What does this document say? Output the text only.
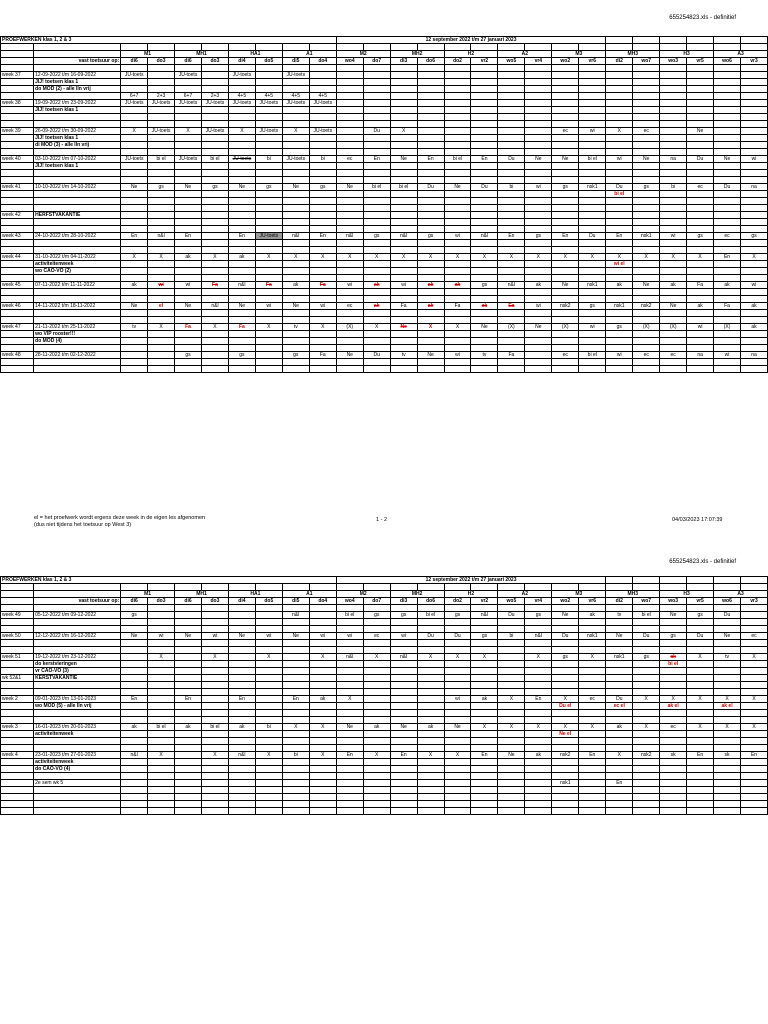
655254823.xls - definitief
PROEFWERKEN klas 1, 2 & 3										12 september 2022 t/m 27 januari 2023															

		M1		MH1		HA1		A1		M2		MH2		H2		A2		M3		MH3		H3		A3	
	vast toetsuur op:	di6	do3	di6	do3	di4	do5	di5	do4	wo4	do7	di3	do6	do2	vr2	wo5	vr4	wo2	vr6	di2	wo7	wo3	vr5	wo6	vr3

week 37	12-09-2022 t/m 16-09-2022	JU-toets		JU-toets		JU-toets		JU-toets																	
	JIJ! toetsen klas 1																								
	do MOD (2) - alle lln vrij																								
		6+7	2+3	6+7	2+3	4+5	4+5	4+5	4+5																
week 38	19-09-2022 t/m 23-09-2022	JU-toets	JU-toets	JU-toets	JU-toets	JU-toets	JU-toets	JU-toets	JU-toets																
	JIJ! toetsen klas 1																								

week 39	26-09-2022 t/m 30-09-2022	X	JU-toets	X	JU-toets	X	JU-toets	X	JU-toets		Du	X						ec	wi	X	ec		Ne		
	JIJ! toetsen klas 1																								
	di MOD (3) - alle lln vrij																								

week 40	03-10-2022 t/m 07-10-2022	JU-toets	bi el	JU-toets	bi el	JU-toets	bi	JU-toets	bi	ec	En	Ne	En	bi el	En	Du	Ne	Ne	bi el	wi	Ne	na	Du	Ne	wi
	JIJ! toetsen klas 1																								

week 41	10-10-2022 t/m 14-10-2022	Ne	gs	Ne	gs	Ne	gs	Ne	gs	Ne	bi el	bi el	Du	Ne	Du	bi	wi	gs	nsk1	Du	gs	bi	ec	Du	na
																				bi el					

week 42	HERFSTVAKANTIE																								

week 43	24-10-2022 t/m 28-10-2022	En	n&l	En		En	JU-toets	n&l	En	n&l	gs	n&l	gs	wi	n&l	En	gs	En	Du	En	nsk1	wi	gs	ec	gs

week 44	31-10-2022 t/m 04-11-2022	X	X	ak	X	ak	X	X	X	X	X	X	X	X	X	X	X	X	X	X	X	X	X	En	X
	activiteitenweek																			wi el					
	wo CAO-VO (2)																								

week 45	07-11-2022 t/m 11-11-2022	ak	wi	wi	Fa	n&l	Fa	ak	Fa	wi	ak	wi	ak	ak	gs	n&l	ak	Ne	nsk1	ak	Ne	ak	Fa	ak	wi

week 46	14-11-2022 t/m 18-11-2022	Ne	el	Ne	n&l	Ne	wi	Ne	wi	ec	ak	Fa	ak	Fa	ak	Ea	wi	nsk2	gs	nsk1	nsk2	Ne	ak	Fa	ak

week 47	21-11-2022 t/m 25-11-2022	tv	X	Fa	X	Fa	X	tv	X	(X)	X	Ne	X	X	Ne	(X)	Ne	(X)	wi	gs	(X)	(X)	wi	(X)	ak
	wo VIP rooster!!!																								
	do MOD (4)																								

week 48	28-11-2022 t/m 02-12-2022			gs		gs		gs	Fa	Ne	Du	tv	Ne	wi	tv	Fa		ec	bi el	wi	ec	ec	na	wi	na

el = het proefwerk wordt ergens deze week in de eigen les afgenomen
(dus niet tijdens het toetsuur op West 3)
1 - 2	04/03/2023 17:07:39
655254823.xls - definitief
PROEFWERKEN klas 1, 2 & 3										12 september 2022 t/m 27 januari 2023															

		M1		MH1		HA1		A1		M2		MH2		H2		A2		M3		MH3		H3		A3	
	vast toetsuur op:	di6	do3	di6	do3	di4	do5	di5	do4	wo4	do7	di3	do6	do2	vr2	wo5	vr4	wo2	vr6	di2	wo7	wo3	vr5	wo6	vr3

week 49	05-12-2022 t/m 09-12-2022	gs						n&l		bi el	gs	gs	bi el	gs	n&l	Du	gs	Ne	ak	tv	bi el	Ne	gs	Du	

week 50	12-12-2022 t/m 16-12-2022	Ne	wi	Ne	wi	Ne	wi	Ne	wi	wi	ec	wi	Du	Du	gs	bi	n&l	Du	nsk1	Ne	Du	gs	Du	Ne	ec

week 51	19-12-2022 t/m 23-12-2022		X		X		X		X	n&l	X	n&l	X	X	X		X	gs	X	nsk1	gs	ak	X	tv	X
	do kerstvieringen																					bi el			
	vr CAO-VO (3)																								
wk 52&1	KERSTVAKANTIE																								

week 2	09-01-2023 t/m 13-01-2023	En		En		En		En	ak	X				wi	ak	X	En	X	ec	Du	X	X	X	X	X
	wo MOD (5) - alle lln vrij																	Du el		ec el		ak el		ak el	

week 3	16-01-2023 t/m 20-01-2023	ak	bi el	ak	bi el	ak	bi	X	X	Ne	ak	Ne	ak	Ne	X	X	X	X	X	ak	X	ec	X	X	X
	activiteitenweek																	Ne el							

week 4	23-01-2023 t/m 27-01-2023	n&l	X		X	n&l	X	bi	X	En	X	En	X	X	En	Ne	ak	nsk2	En	X	nsk2	sk	En	sk	En
	activiteitenweek																								
	do CAO-VO (4)																								

	2e sem wk 5																	nsk1		En					
